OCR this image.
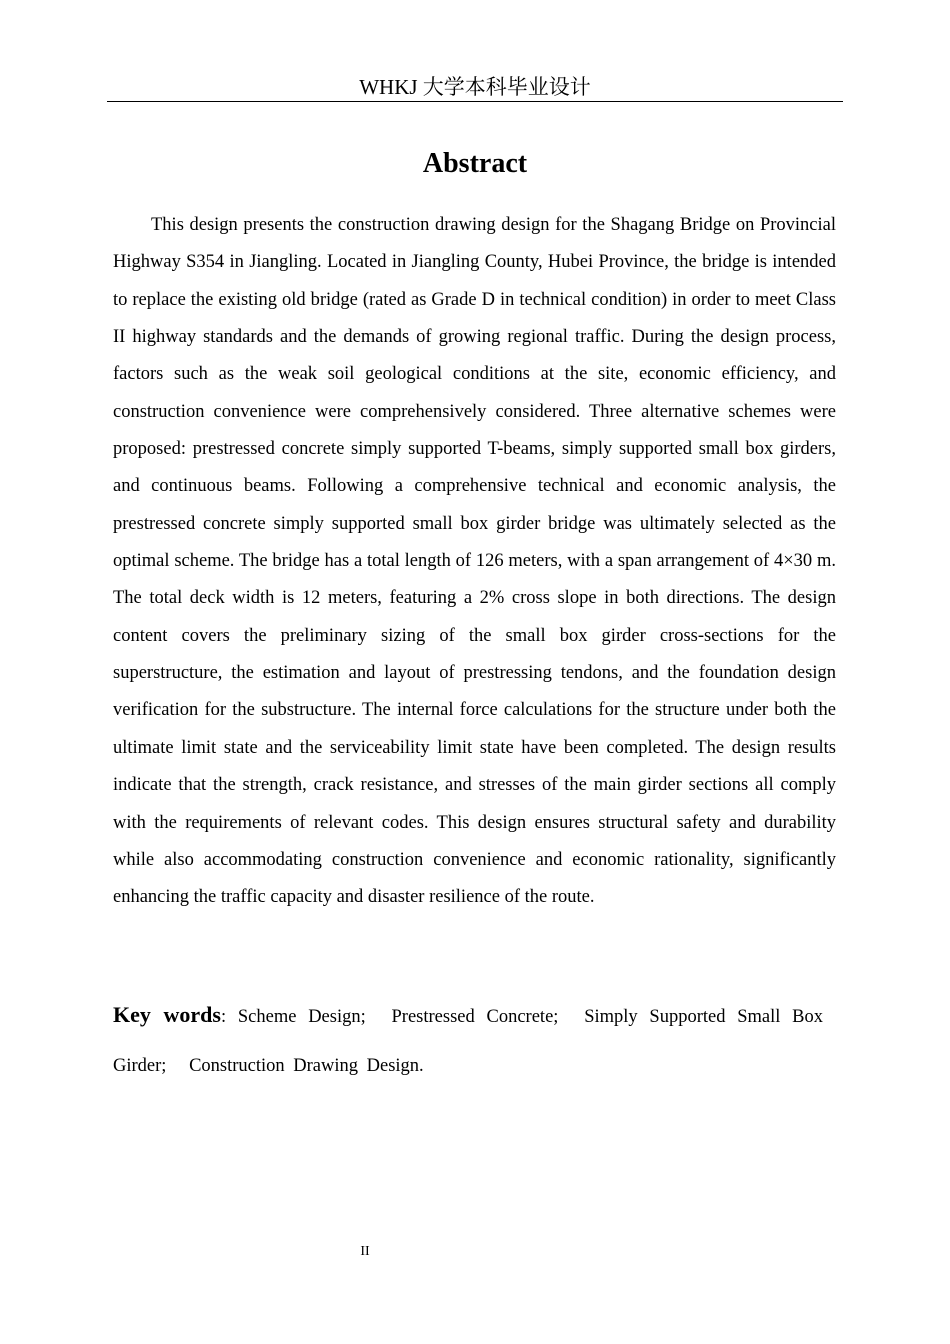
WHKJ 大学本科毕业设计
Abstract

This design presents the construction drawing design for the Shagang Bridge on Provincial Highway S354 in Jiangling. Located in Jiangling County, Hubei Province, the bridge is intended to replace the existing old bridge (rated as Grade D in technical condition) in order to meet Class II highway standards and the demands of growing regional traffic. During the design process, factors such as the weak soil geological conditions at the site, economic efficiency, and construction convenience were comprehensively considered. Three alternative schemes were proposed: prestressed concrete simply supported T-beams, simply supported small box girders, and continuous beams. Following a comprehensive technical and economic analysis, the prestressed concrete simply supported small box girder bridge was ultimately selected as the optimal scheme. The bridge has a total length of 126 meters, with a span arrangement of 4×30 m. The total deck width is 12 meters, featuring a 2% cross slope in both directions. The design content covers the preliminary sizing of the small box girder cross-sections for the superstructure, the estimation and layout of prestressing tendons, and the foundation design verification for the substructure. The internal force calculations for the structure under both the ultimate limit state and the serviceability limit state have been completed. The design results indicate that the strength, crack resistance, and stresses of the main girder sections all comply with the requirements of relevant codes. This design ensures structural safety and durability while also accommodating construction convenience and economic rationality, significantly enhancing the traffic capacity and disaster resilience of the route.

Key words: Scheme Design; Prestressed Concrete; Simply Supported Small Box Girder; Construction Drawing Design.

II
